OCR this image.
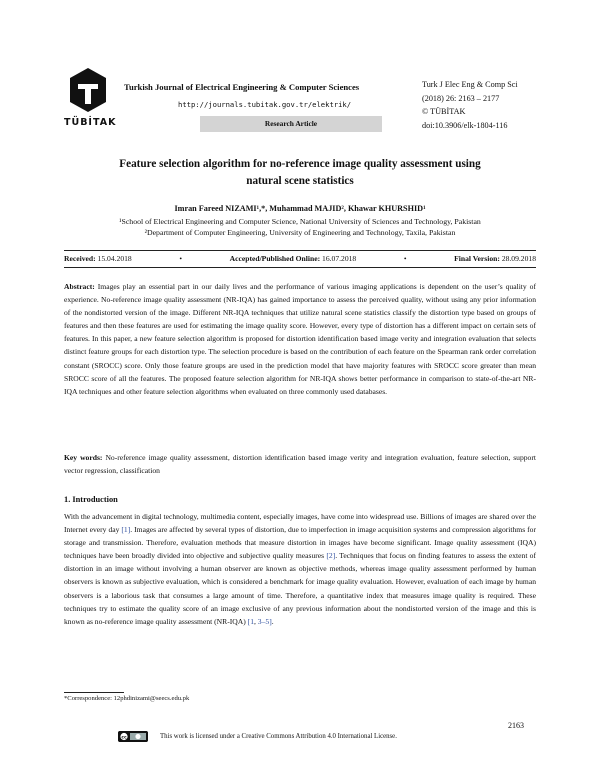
TÜBİTAK
Turkish Journal of Electrical Engineering & Computer Sciences
http://journals.tubitak.gov.tr/elektrik/
Research Article
Turk J Elec Eng & Comp Sci
(2018) 26: 2163 – 2177
© TÜBİTAK
doi:10.3906/elk-1804-116
Feature selection algorithm for no-reference image quality assessment using
natural scene statistics
Imran Fareed NIZAMI¹,*, Muhammad MAJID², Khawar KHURSHID¹
¹School of Electrical Engineering and Computer Science, National University of Sciences and Technology, Pakistan
²Department of Computer Engineering, University of Engineering and Technology, Taxila, Pakistan
Received: 15.04.2018	•	Accepted/Published Online: 16.07.2018	•	Final Version: 28.09.2018
Abstract: Images play an essential part in our daily lives and the performance of various imaging applications is dependent on the user’s quality of experience. No-reference image quality assessment (NR-IQA) has gained importance to assess the perceived quality, without using any prior information of the nondistorted version of the image. Different NR-IQA techniques that utilize natural scene statistics classify the distortion type based on groups of features and then these features are used for estimating the image quality score. However, every type of distortion has a different impact on certain sets of features. In this paper, a new feature selection algorithm is proposed for distortion identification based image verity and integration evaluation that selects distinct feature groups for each distortion type. The selection procedure is based on the contribution of each feature on the Spearman rank order correlation constant (SROCC) score. Only those feature groups are used in the prediction model that have majority features with SROCC score greater than mean SROCC score of all the features. The proposed feature selection algorithm for NR-IQA shows better performance in comparison to state-of-the-art NR-IQA techniques and other feature selection algorithms when evaluated on three commonly used databases.
Key words: No-reference image quality assessment, distortion identification based image verity and integration evaluation, feature selection, support vector regression, classification
1. Introduction
With the advancement in digital technology, multimedia content, especially images, have come into widespread use. Billions of images are shared over the Internet every day [1]. Images are affected by several types of distortion, due to imperfection in image acquisition systems and compression algorithms for storage and transmission. Therefore, evaluation methods that measure distortion in images have become significant. Image quality assessment (IQA) techniques have been broadly divided into objective and subjective quality measures [2]. Techniques that focus on finding features to assess the extent of distortion in an image without involving a human observer are known as objective methods, whereas image quality assessment performed by human observers is known as subjective evaluation, which is considered a benchmark for image quality evaluation. However, evaluation of each image by human observers is a laborious task that consumes a large amount of time. Therefore, a quantitative index that measures image quality is required. These techniques try to estimate the quality score of an image exclusive of any previous information about the nondistorted version of the image and this is known as no-reference image quality assessment (NR-IQA) [1, 3–5].
*Correspondence: 12phdinizami@seecs.edu.pk
2163
cc	This work is licensed under a Creative Commons Attribution 4.0 International License.
